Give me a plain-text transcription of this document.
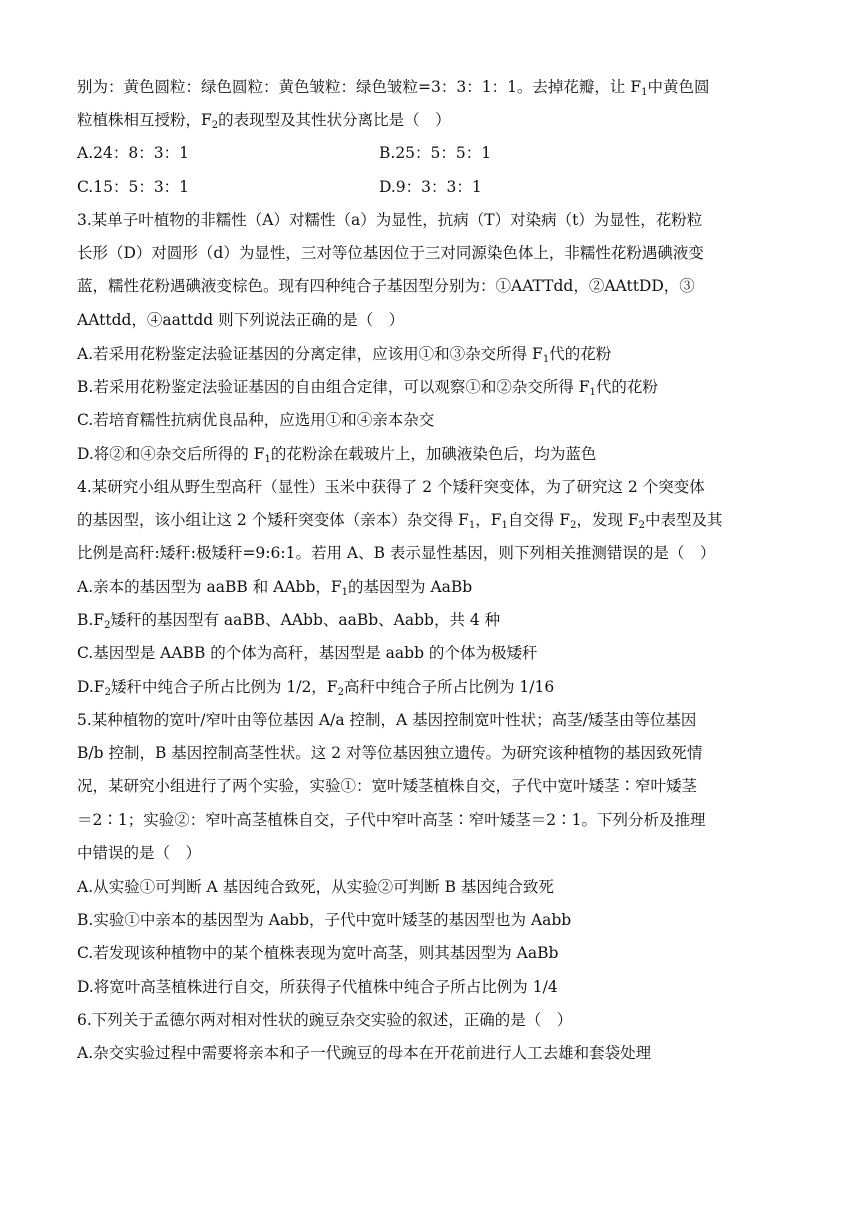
别为：黄色圆粒：绿色圆粒：黄色皱粒：绿色皱粒=3：3：1：1。去掉花瓣，让 $F_1$中黄色圆
粒植株相互授粉，$F_2$的表现型及其性状分离比是（　）
A.24：8：3：1	B.25：5：5：1
C.15：5：3：1	D.9：3：3：1
3.某单子叶植物的非糯性（A）对糯性（a）为显性，抗病（T）对染病（t）为显性，花粉粒
长形（D）对圆形（d）为显性，三对等位基因位于三对同源染色体上，非糯性花粉遇碘液变
蓝，糯性花粉遇碘液变棕色。现有四种纯合子基因型分别为：①AATTdd，②AAttDD，③
AAttdd，④aattdd 则下列说法正确的是（　）
A.若采用花粉鉴定法验证基因的分离定律，应该用①和③杂交所得 $F_1$代的花粉
B.若采用花粉鉴定法验证基因的自由组合定律，可以观察①和②杂交所得 $F_1$代的花粉
C.若培育糯性抗病优良品种，应选用①和④亲本杂交
D.将②和④杂交后所得的 $F_1$的花粉涂在载玻片上，加碘液染色后，均为蓝色
4.某研究小组从野生型高秆（显性）玉米中获得了 2 个矮秆突变体，为了研究这 2 个突变体
的基因型，该小组让这 2 个矮秆突变体（亲本）杂交得 $F_1$，$F_1$自交得 $F_2$，发现 $F_2$中表型及其
比例是高秆:矮秆:极矮秆=9:6:1。若用 A、B 表示显性基因，则下列相关推测错误的是（　）
A.亲本的基因型为 aaBB 和 AAbb，$F_1$的基因型为 AaBb
$B.F_2$矮秆的基因型有 aaBB、AAbb、aaBb、Aabb，共 4 种
C.基因型是 AABB 的个体为高秆，基因型是 aabb 的个体为极矮秆
$D.F_2$矮秆中纯合子所占比例为 1/2，$F_2$高秆中纯合子所占比例为 1/16
5.某种植物的宽叶/窄叶由等位基因 A/a 控制，A 基因控制宽叶性状；高茎/矮茎由等位基因
B/b 控制，B 基因控制高茎性状。这 2 对等位基因独立遗传。为研究该种植物的基因致死情
况，某研究小组进行了两个实验，实验①：宽叶矮茎植株自交，子代中宽叶矮茎∶窄叶矮茎
＝2∶1；实验②：窄叶高茎植株自交，子代中窄叶高茎∶窄叶矮茎＝2∶1。下列分析及推理
中错误的是（　）
A.从实验①可判断 A 基因纯合致死，从实验②可判断 B 基因纯合致死
B.实验①中亲本的基因型为 Aabb，子代中宽叶矮茎的基因型也为 Aabb
C.若发现该种植物中的某个植株表现为宽叶高茎，则其基因型为 AaBb
D.将宽叶高茎植株进行自交，所获得子代植株中纯合子所占比例为 1/4
6.下列关于孟德尔两对相对性状的豌豆杂交实验的叙述，正确的是（　）
A.杂交实验过程中需要将亲本和子一代豌豆的母本在开花前进行人工去雄和套袋处理
